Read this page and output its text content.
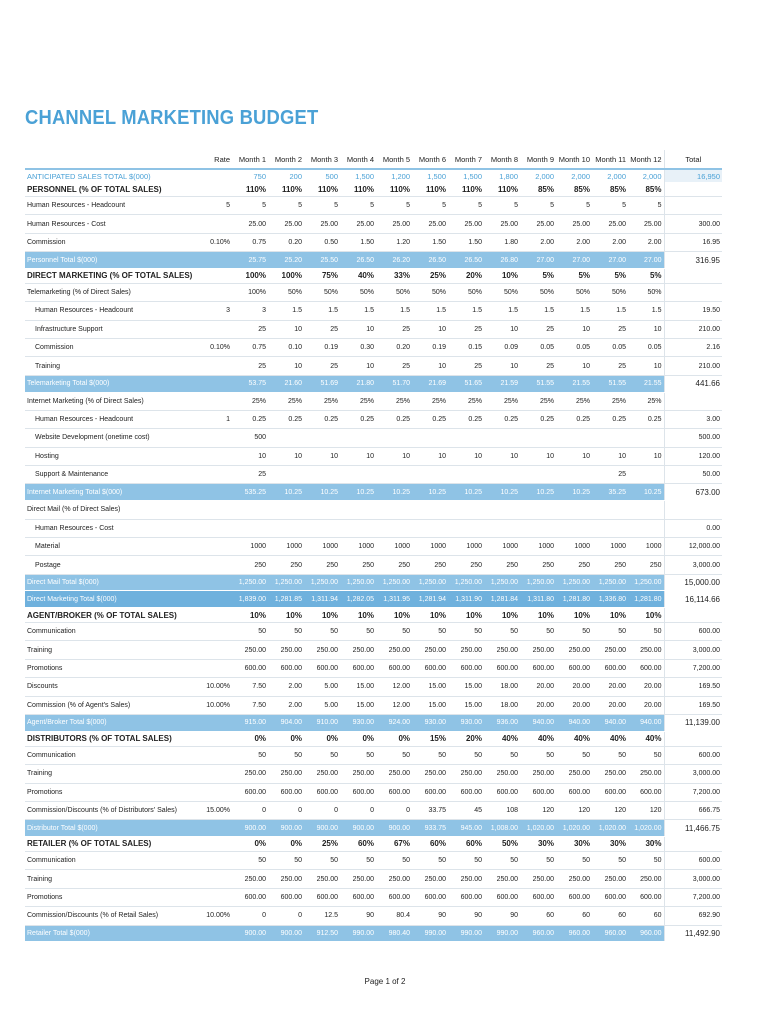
CHANNEL MARKETING BUDGET
	Rate	Month 1	Month 2	Month 3	Month 4	Month 5	Month 6	Month 7	Month 8	Month 9	Month 10	Month 11	Month 12	Total
ANTICIPATED SALES TOTAL $(000)		750	200	500	1,500	1,200	1,500	1,500	1,800	2,000	2,000	2,000	2,000	16,950
PERSONNEL (% OF TOTAL SALES)		110%	110%	110%	110%	110%	110%	110%	110%	85%	85%	85%	85%	
Human Resources - Headcount	5	5	5	5	5	5	5	5	5	5	5	5	5	
Human Resources - Cost		25.00	25.00	25.00	25.00	25.00	25.00	25.00	25.00	25.00	25.00	25.00	25.00	300.00
Commission	0.10%	0.75	0.20	0.50	1.50	1.20	1.50	1.50	1.80	2.00	2.00	2.00	2.00	16.95
Personnel Total $(000)		25.75	25.20	25.50	26.50	26.20	26.50	26.50	26.80	27.00	27.00	27.00	27.00	316.95
DIRECT MARKETING (% OF TOTAL SALES)		100%	100%	75%	40%	33%	25%	20%	10%	5%	5%	5%	5%	
Telemarketing (% of Direct Sales)		100%	50%	50%	50%	50%	50%	50%	50%	50%	50%	50%	50%	
Human Resources - Headcount	3	3	1.5	1.5	1.5	1.5	1.5	1.5	1.5	1.5	1.5	1.5	1.5	19.50
Infrastructure Support		25	10	25	10	25	10	25	10	25	10	25	10	210.00
Commission	0.10%	0.75	0.10	0.19	0.30	0.20	0.19	0.15	0.09	0.05	0.05	0.05	0.05	2.16
Training		25	10	25	10	25	10	25	10	25	10	25	10	210.00
Telemarketing Total $(000)		53.75	21.60	51.69	21.80	51.70	21.69	51.65	21.59	51.55	21.55	51.55	21.55	441.66
Internet Marketing (% of Direct Sales)		25%	25%	25%	25%	25%	25%	25%	25%	25%	25%	25%	25%	
Human Resources - Headcount	1	0.25	0.25	0.25	0.25	0.25	0.25	0.25	0.25	0.25	0.25	0.25	0.25	3.00
Website Development (onetime cost)		500												500.00
Hosting		10	10	10	10	10	10	10	10	10	10	10	10	120.00
Support & Maintenance		25										25		50.00
Internet Marketing Total $(000)		535.25	10.25	10.25	10.25	10.25	10.25	10.25	10.25	10.25	10.25	35.25	10.25	673.00
Direct Mail (% of Direct Sales)														
Human Resources - Cost														0.00
Material		1000	1000	1000	1000	1000	1000	1000	1000	1000	1000	1000	1000	12,000.00
Postage		250	250	250	250	250	250	250	250	250	250	250	250	3,000.00
Direct Mail Total $(000)		1,250.00	1,250.00	1,250.00	1,250.00	1,250.00	1,250.00	1,250.00	1,250.00	1,250.00	1,250.00	1,250.00	1,250.00	15,000.00
Direct Marketing Total $(000)		1,839.00	1,281.85	1,311.94	1,282.05	1,311.95	1,281.94	1,311.90	1,281.84	1,311.80	1,281.80	1,336.80	1,281.80	16,114.66
AGENT/BROKER (% OF TOTAL SALES)		10%	10%	10%	10%	10%	10%	10%	10%	10%	10%	10%	10%	
Communication		50	50	50	50	50	50	50	50	50	50	50	50	600.00
Training		250.00	250.00	250.00	250.00	250.00	250.00	250.00	250.00	250.00	250.00	250.00	250.00	3,000.00
Promotions		600.00	600.00	600.00	600.00	600.00	600.00	600.00	600.00	600.00	600.00	600.00	600.00	7,200.00
Discounts	10.00%	7.50	2.00	5.00	15.00	12.00	15.00	15.00	18.00	20.00	20.00	20.00	20.00	169.50
Commission (% of Agent's Sales)	10.00%	7.50	2.00	5.00	15.00	12.00	15.00	15.00	18.00	20.00	20.00	20.00	20.00	169.50
Agent/Broker Total $(000)		915.00	904.00	910.00	930.00	924.00	930.00	930.00	936.00	940.00	940.00	940.00	940.00	11,139.00
DISTRIBUTORS (% OF TOTAL SALES)		0%	0%	0%	0%	0%	15%	20%	40%	40%	40%	40%	40%	
Communication		50	50	50	50	50	50	50	50	50	50	50	50	600.00
Training		250.00	250.00	250.00	250.00	250.00	250.00	250.00	250.00	250.00	250.00	250.00	250.00	3,000.00
Promotions		600.00	600.00	600.00	600.00	600.00	600.00	600.00	600.00	600.00	600.00	600.00	600.00	7,200.00
Commission/Discounts (% of Distributors' Sales)	15.00%	0	0	0	0	0	33.75	45	108	120	120	120	120	666.75
Distributor Total $(000)		900.00	900.00	900.00	900.00	900.00	933.75	945.00	1,008.00	1,020.00	1,020.00	1,020.00	1,020.00	11,466.75
RETAILER (% OF TOTAL SALES)		0%	0%	25%	60%	67%	60%	60%	50%	30%	30%	30%	30%	
Communication		50	50	50	50	50	50	50	50	50	50	50	50	600.00
Training		250.00	250.00	250.00	250.00	250.00	250.00	250.00	250.00	250.00	250.00	250.00	250.00	3,000.00
Promotions		600.00	600.00	600.00	600.00	600.00	600.00	600.00	600.00	600.00	600.00	600.00	600.00	7,200.00
Commission/Discounts (% of Retail Sales)	10.00%	0	0	12.5	90	80.4	90	90	90	60	60	60	60	692.90
Retailer Total $(000)		900.00	900.00	912.50	990.00	980.40	990.00	990.00	990.00	960.00	960.00	960.00	960.00	11,492.90
Page 1 of 2
